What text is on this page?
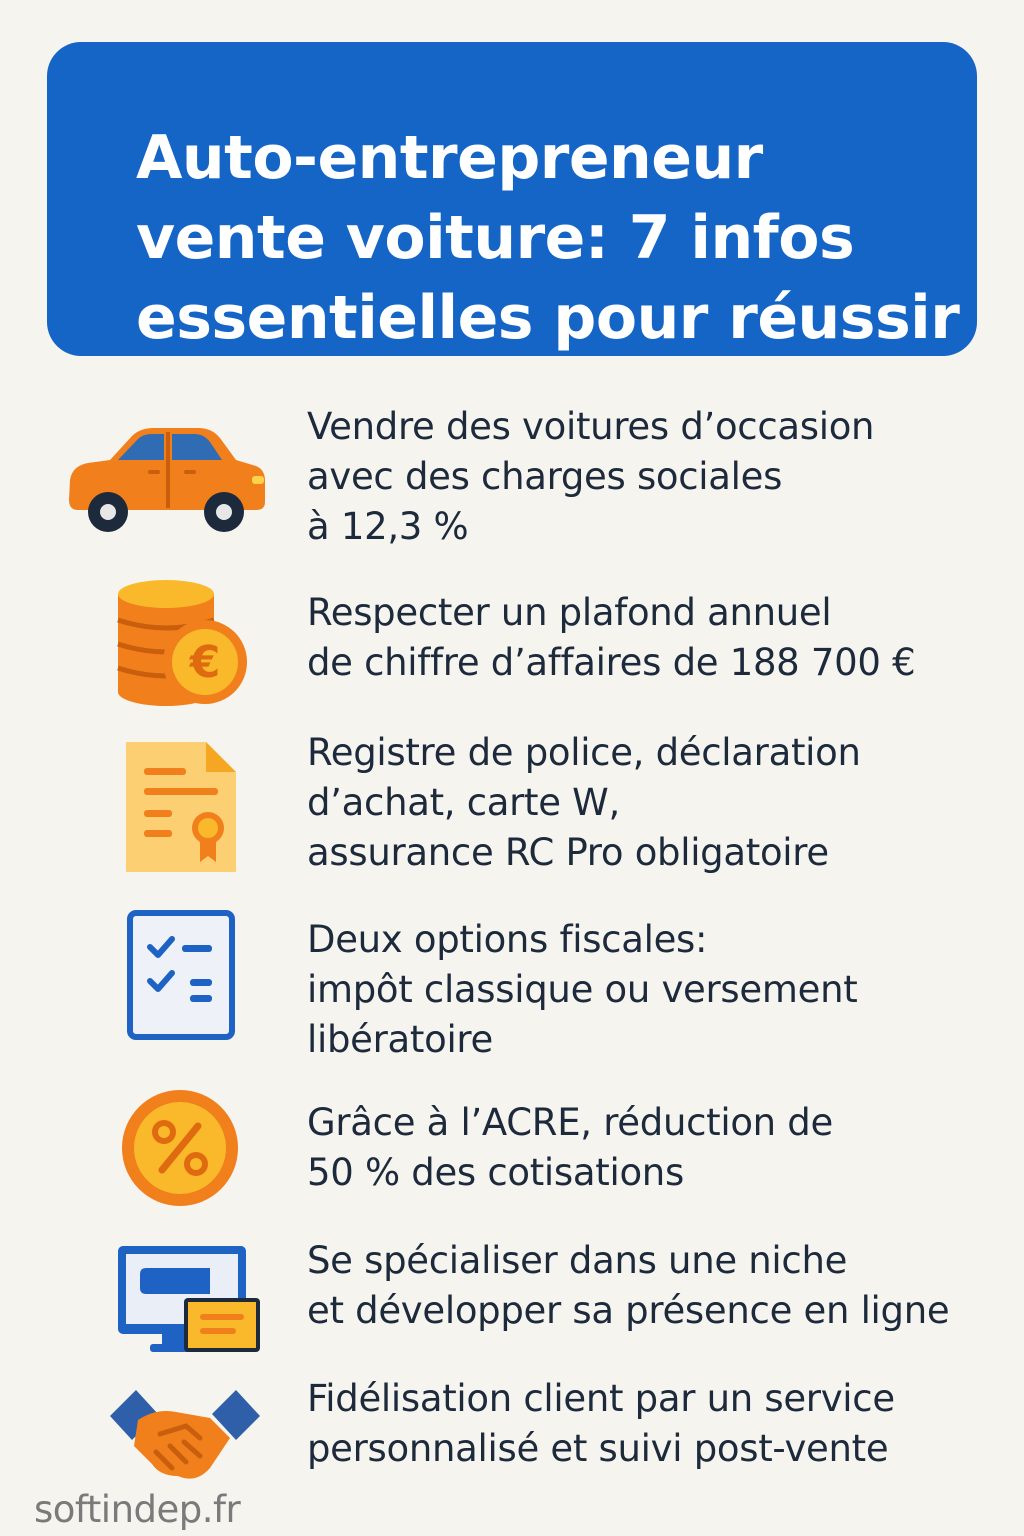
Auto-entrepreneur
vente voiture: 7 infos
essentielles pour réussir
Vendre des voitures d’occasion
avec des charges sociales
à 12,3 %
€
Respecter un plafond annuel
de chiffre d’affaires de 188 700 €
Registre de police, déclaration
d’achat, carte W,
assurance RC Pro obligatoire
Deux options fiscales:
impôt classique ou versement
libératoire
Grâce à l’ACRE, réduction de
50 % des cotisations
Se spécialiser dans une niche
et développer sa présence en ligne
Fidélisation client par un service
personnalisé et suivi post-vente
softindep.fr
